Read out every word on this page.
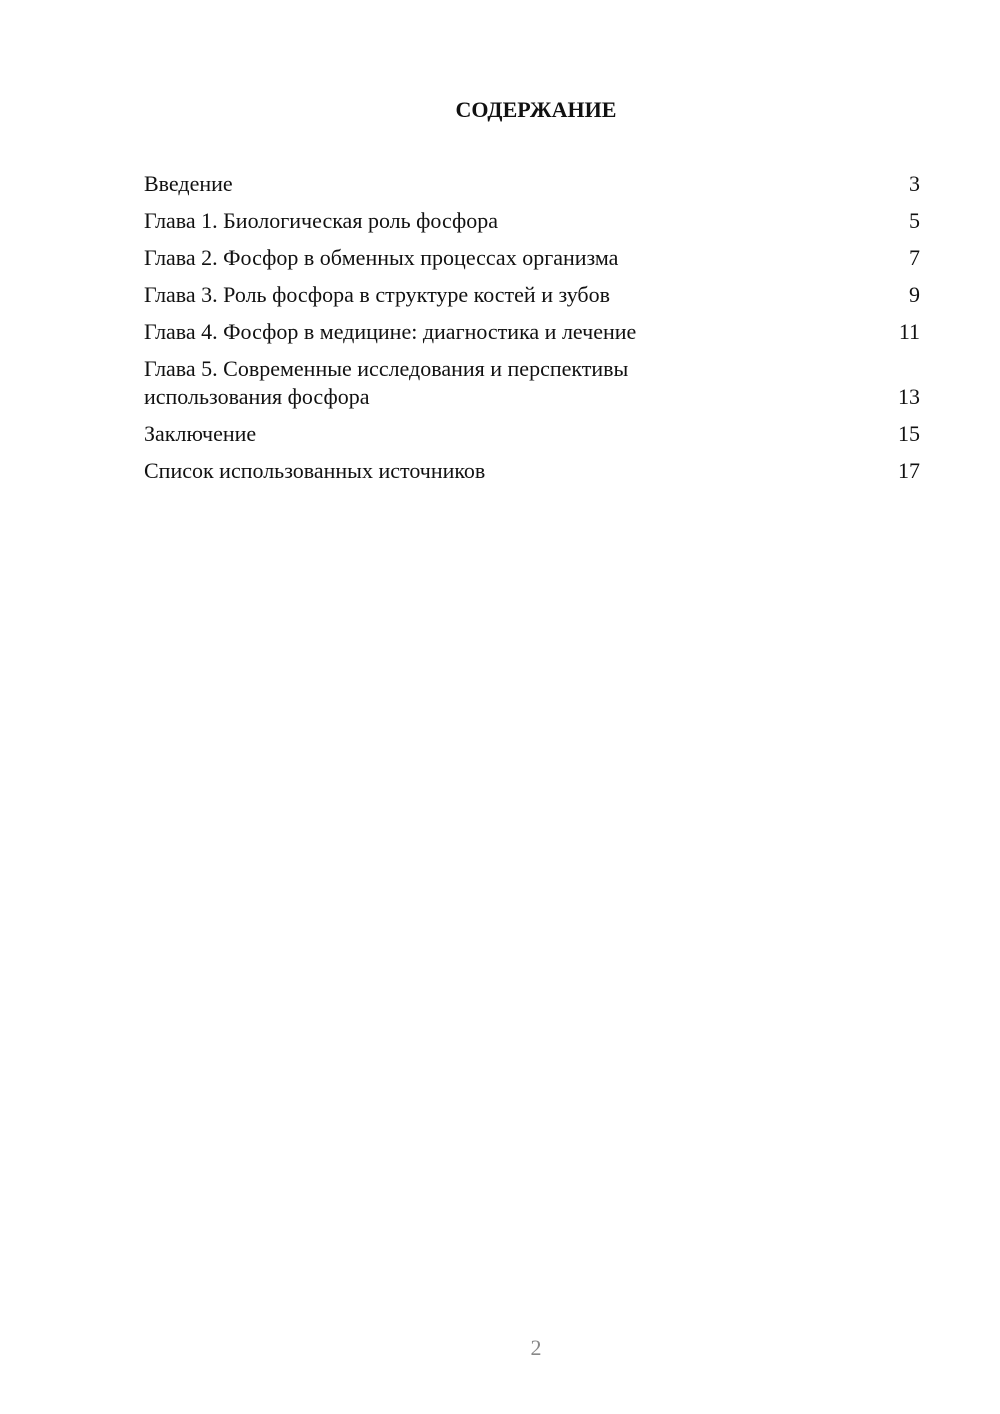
СОДЕРЖАНИЕ
Введение	3
Глава 1. Биологическая роль фосфора	5
Глава 2. Фосфор в обменных процессах организма	7
Глава 3. Роль фосфора в структуре костей и зубов	9
Глава 4. Фосфор в медицине: диагностика и лечение	11
Глава 5. Современные исследования и перспективы использования фосфора	13
Заключение	15
Список использованных источников	17
2
